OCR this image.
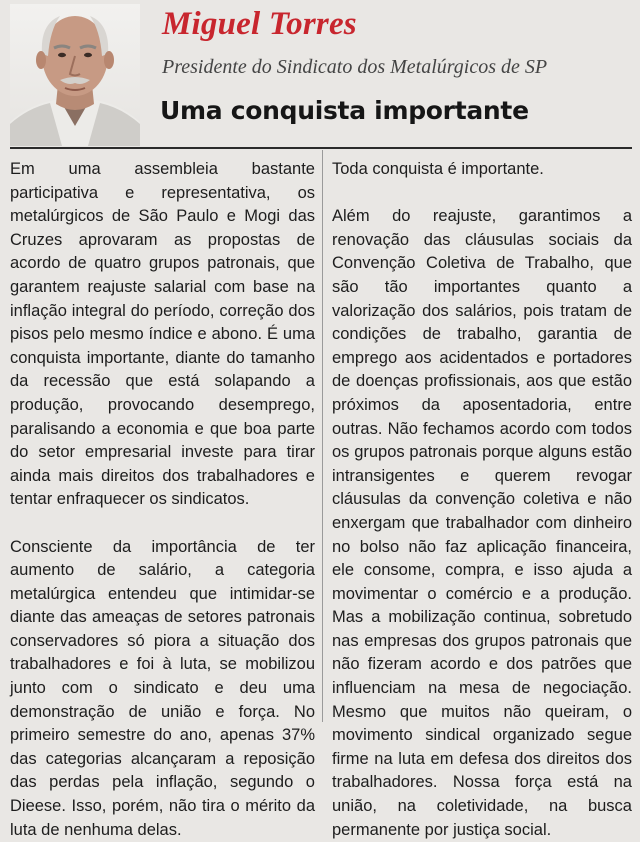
Miguel Torres
Presidente do Sindicato dos Metalúrgicos de SP
Uma conquista importante

Em uma assembleia bastante participativa e representativa, os metalúrgicos de São Paulo e Mogi das Cruzes aprovaram as propostas de acordo de quatro grupos patronais, que garantem reajuste salarial com base na inflação integral do período, correção dos pisos pelo mesmo índice e abono. É uma conquista importante, diante do tamanho da recessão que está solapando a produção, provocando desemprego, paralisando a economia e que boa parte do setor empresarial investe para tirar ainda mais direitos dos trabalhadores e tentar enfraquecer os sindicatos.

Consciente da importância de ter aumento de salário, a categoria metalúrgica entendeu que intimidar-se diante das ameaças de setores patronais conservadores só piora a situação dos trabalhadores e foi à luta, se mobilizou junto com o sindicato e deu uma demonstração de união e força. No primeiro semestre do ano, apenas 37% das categorias alcançaram a reposição das perdas pela inflação, segundo o Dieese. Isso, porém, não tira o mérito da luta de nenhuma delas.

Toda conquista é importante.

Além do reajuste, garantimos a renovação das cláusulas sociais da Convenção Coletiva de Trabalho, que são tão importantes quanto a valorização dos salários, pois tratam de condições de trabalho, garantia de emprego aos acidentados e portadores de doenças profissionais, aos que estão próximos da aposentadoria, entre outras. Não fechamos acordo com todos os grupos patronais porque alguns estão intransigentes e querem revogar cláusulas da convenção coletiva e não enxergam que trabalhador com dinheiro no bolso não faz aplicação financeira, ele consome, compra, e isso ajuda a movimentar o comércio e a produção. Mas a mobilização continua, sobretudo nas empresas dos grupos patronais que não fizeram acordo e dos patrões que influenciam na mesa de negociação. Mesmo que muitos não queiram, o movimento sindical organizado segue firme na luta em defesa dos direitos dos trabalhadores. Nossa força está na união, na coletividade, na busca permanente por justiça social.
